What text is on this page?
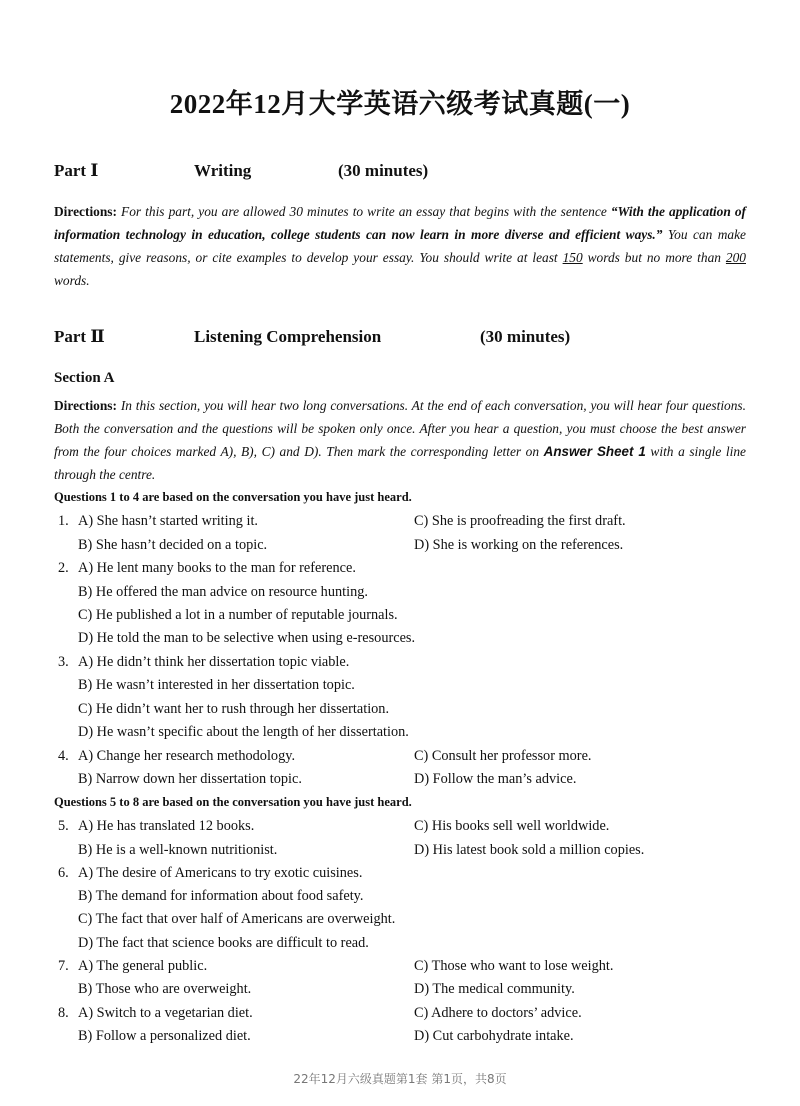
2022年12月大学英语六级考试真题(一)
Part Ⅰ	Writing	(30 minutes)
Directions: For this part, you are allowed 30 minutes to write an essay that begins with the sentence “With the application of information technology in education, college students can now learn in more diverse and efficient ways.” You can make statements, give reasons, or cite examples to develop your essay. You should write at least 150 words but no more than 200 words.
Part Ⅱ	Listening Comprehension	(30 minutes)
Section A
Directions: In this section, you will hear two long conversations. At the end of each conversation, you will hear four questions. Both the conversation and the questions will be spoken only once. After you hear a question, you must choose the best answer from the four choices marked A), B), C) and D). Then mark the corresponding letter on Answer Sheet 1 with a single line through the centre.
Questions 1 to 4 are based on the conversation you have just heard.
1. A) She hasn’t started writing it.	C) She is proofreading the first draft.
B) She hasn’t decided on a topic.	D) She is working on the references.
2. A) He lent many books to the man for reference.
B) He offered the man advice on resource hunting.
C) He published a lot in a number of reputable journals.
D) He told the man to be selective when using e-resources.
3. A) He didn’t think her dissertation topic viable.
B) He wasn’t interested in her dissertation topic.
C) He didn’t want her to rush through her dissertation.
D) He wasn’t specific about the length of her dissertation.
4. A) Change her research methodology.	C) Consult her professor more.
B) Narrow down her dissertation topic.	D) Follow the man’s advice.
Questions 5 to 8 are based on the conversation you have just heard.
5. A) He has translated 12 books.	C) His books sell well worldwide.
B) He is a well-known nutritionist.	D) His latest book sold a million copies.
6. A) The desire of Americans to try exotic cuisines.
B) The demand for information about food safety.
C) The fact that over half of Americans are overweight.
D) The fact that science books are difficult to read.
7. A) The general public.	C) Those who want to lose weight.
B) Those who are overweight.	D) The medical community.
8. A) Switch to a vegetarian diet.	C) Adhere to doctors’ advice.
B) Follow a personalized diet.	D) Cut carbohydrate intake.
22年12月六级真题第1套 第1页，共8页
